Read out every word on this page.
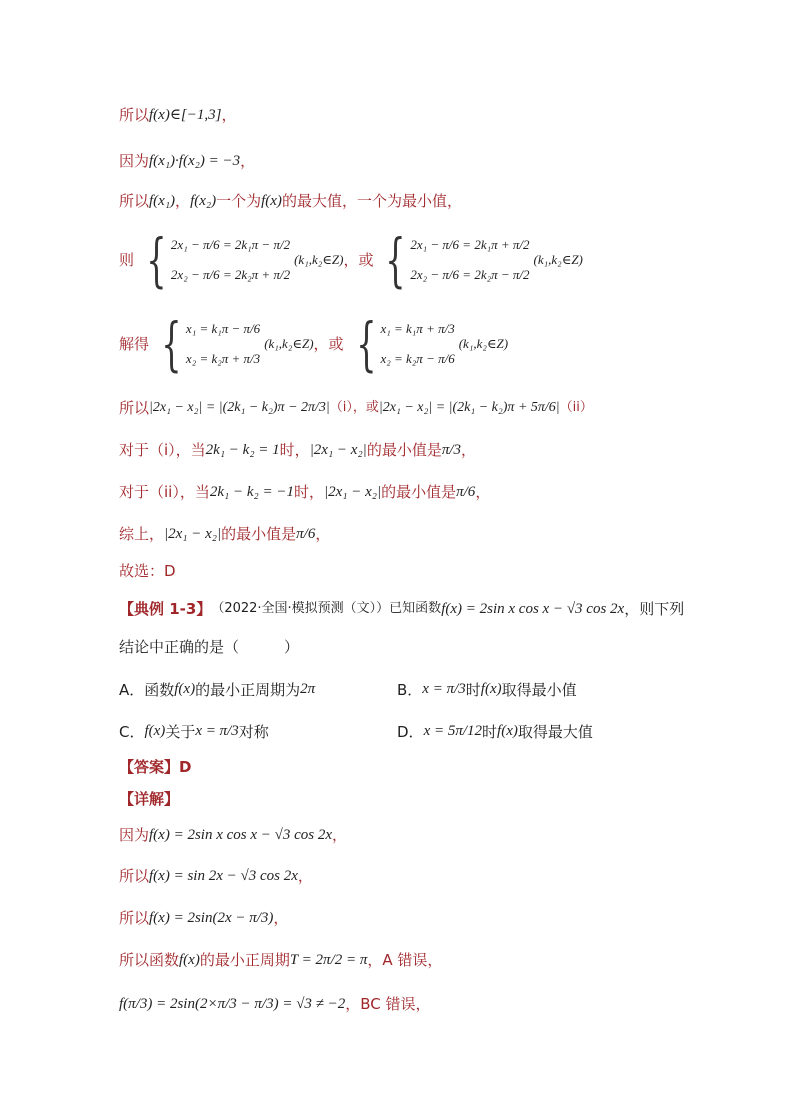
所以 f(x)∈[−1,3] ，
因为 f(x₁)·f(x₂) = −3 ，
所以 f(x₁) ， f(x₂) 一个为 f(x) 的最大值，一个为最小值，
则 { 2x₁ − π/6 = 2k₁π − π/2
2x₂ − π/6 = 2k₂π + π/2
(k₁,k₂∈Z) ，或 { 2x₁ − π/6 = 2k₁π + π/2
2x₂ − π/6 = 2k₂π − π/2
(k₁,k₂∈Z)
解得 { x₁ = k₁π − π/6
x₂ = k₂π + π/3
(k₁,k₂∈Z) ，或 { x₁ = k₁π + π/3
x₂ = k₂π − π/6
(k₁,k₂∈Z)
所以 |2x₁ − x₂| = |(2k₁ − k₂)π − 2π/3| （i），或 |2x₁ − x₂| = |(2k₁ − k₂)π + 5π/6| （ii）
对于（i），当 2k₁ − k₂ = 1 时， |2x₁ − x₂| 的最小值是 π/3 ，
对于（ii），当 2k₁ − k₂ = −1 时， |2x₁ − x₂| 的最小值是 π/6 ，
综上， |2x₁ − x₂| 的最小值是 π/6 ，
故选：D
【典例 1-3】 （2022·全国·模拟预测（文））已知函数 f(x) = 2sin x cos x − √3 cos 2x ，则下列
结论中正确的是（　　　）
A．函数 f(x) 的最小正周期为 2π	B． x = π/3 时 f(x) 取得最小值
C． f(x) 关于 x = π/3 对称	D． x = 5π/12 时 f(x) 取得最大值
【答案】D
【详解】
因为 f(x) = 2sin x cos x − √3 cos 2x ，
所以 f(x) = sin 2x − √3 cos 2x ，
所以 f(x) = 2sin(2x − π/3) ，
所以函数 f(x) 的最小正周期 T = 2π/2 = π ，A 错误，
f(π/3) = 2sin(2×π/3 − π/3) = √3 ≠ −2 ，BC 错误，
